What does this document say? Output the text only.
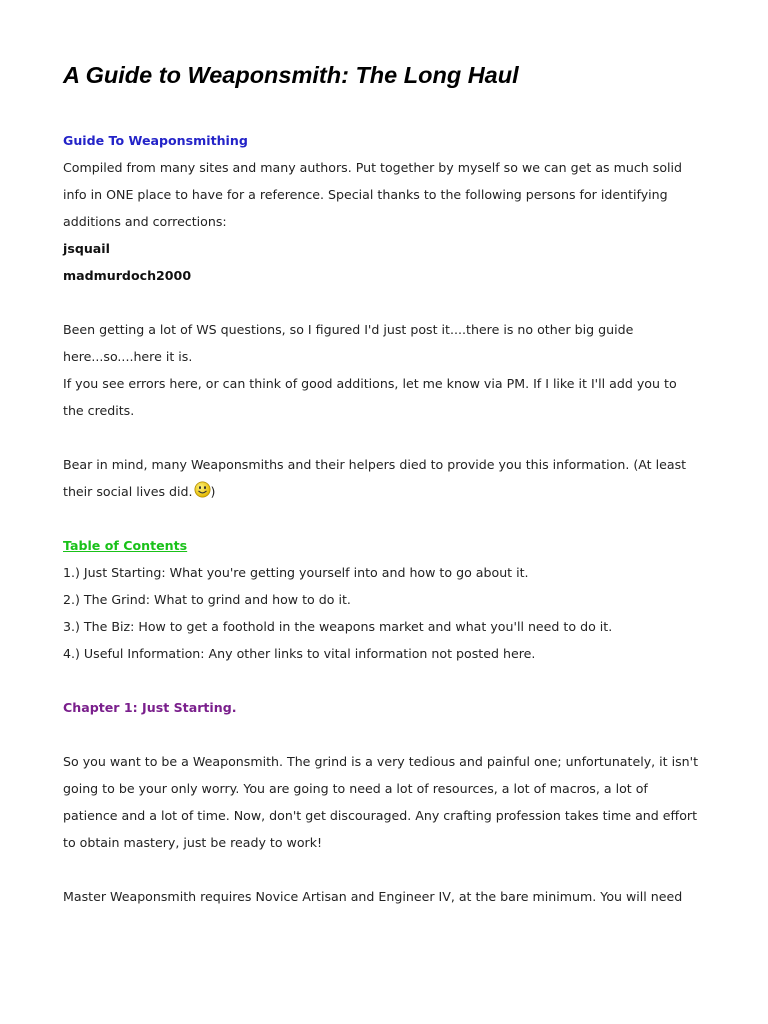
A Guide to Weaponsmith: The Long Haul
Guide To Weaponsmithing
Compiled from many sites and many authors. Put together by myself so we can get as much solid
info in ONE place to have for a reference. Special thanks to the following persons for identifying
additions and corrections:
jsquail
madmurdoch2000
Been getting a lot of WS questions, so I figured I'd just post it....there is no other big guide
here...so....here it is.
If you see errors here, or can think of good additions, let me know via PM. If I like it I'll add you to
the credits.
Bear in mind, many Weaponsmiths and their helpers died to provide you this information. (At least
their social lives did. )
Table of Contents
1.) Just Starting: What you're getting yourself into and how to go about it.
2.) The Grind: What to grind and how to do it.
3.) The Biz: How to get a foothold in the weapons market and what you'll need to do it.
4.) Useful Information: Any other links to vital information not posted here.
Chapter 1: Just Starting.
So you want to be a Weaponsmith. The grind is a very tedious and painful one; unfortunately, it isn't
going to be your only worry. You are going to need a lot of resources, a lot of macros, a lot of
patience and a lot of time. Now, don't get discouraged. Any crafting profession takes time and effort
to obtain mastery, just be ready to work!
Master Weaponsmith requires Novice Artisan and Engineer IV, at the bare minimum. You will need
